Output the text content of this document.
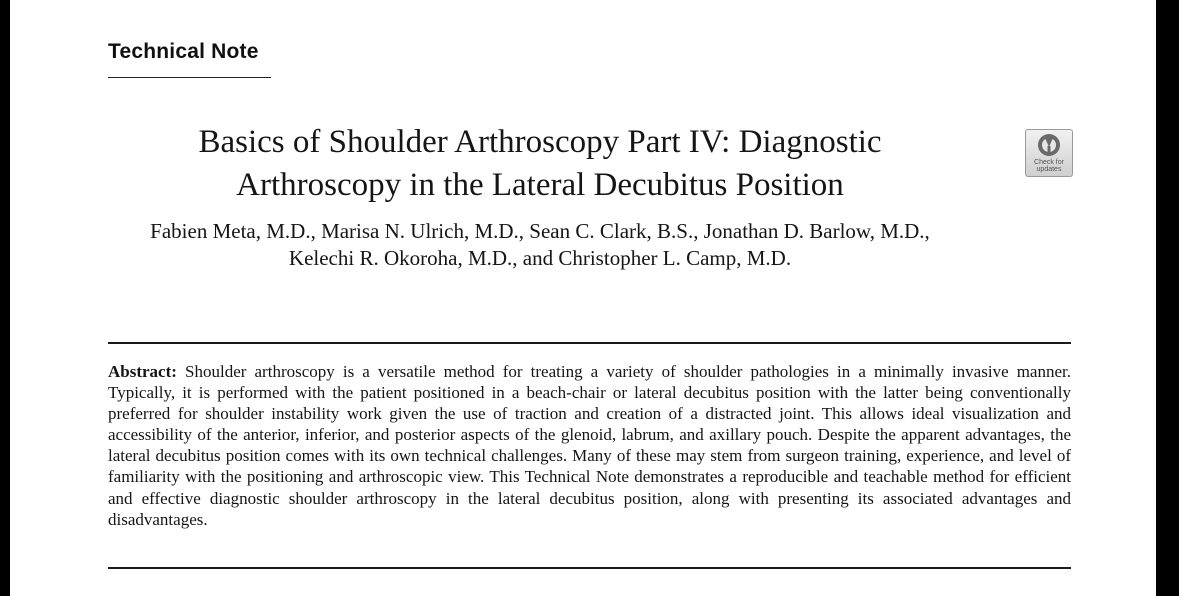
Technical Note
Basics of Shoulder Arthroscopy Part IV: Diagnostic
Arthroscopy in the Lateral Decubitus Position
Check for
updates
Fabien Meta, M.D., Marisa N. Ulrich, M.D., Sean C. Clark, B.S., Jonathan D. Barlow, M.D.,
Kelechi R. Okoroha, M.D., and Christopher L. Camp, M.D.

Abstract: Shoulder arthroscopy is a versatile method for treating a variety of shoulder pathologies in a minimally invasive manner. Typically, it is performed with the patient positioned in a beach-chair or lateral decubitus position with the latter being conventionally preferred for shoulder instability work given the use of traction and creation of a distracted joint. This allows ideal visualization and accessibility of the anterior, inferior, and posterior aspects of the glenoid, labrum, and axillary pouch. Despite the apparent advantages, the lateral decubitus position comes with its own technical challenges. Many of these may stem from surgeon training, experience, and level of familiarity with the positioning and arthroscopic view. This Technical Note demonstrates a reproducible and teachable method for efficient and effective diagnostic shoulder arthroscopy in the lateral decubitus position, along with presenting its associated advantages and disadvantages.
